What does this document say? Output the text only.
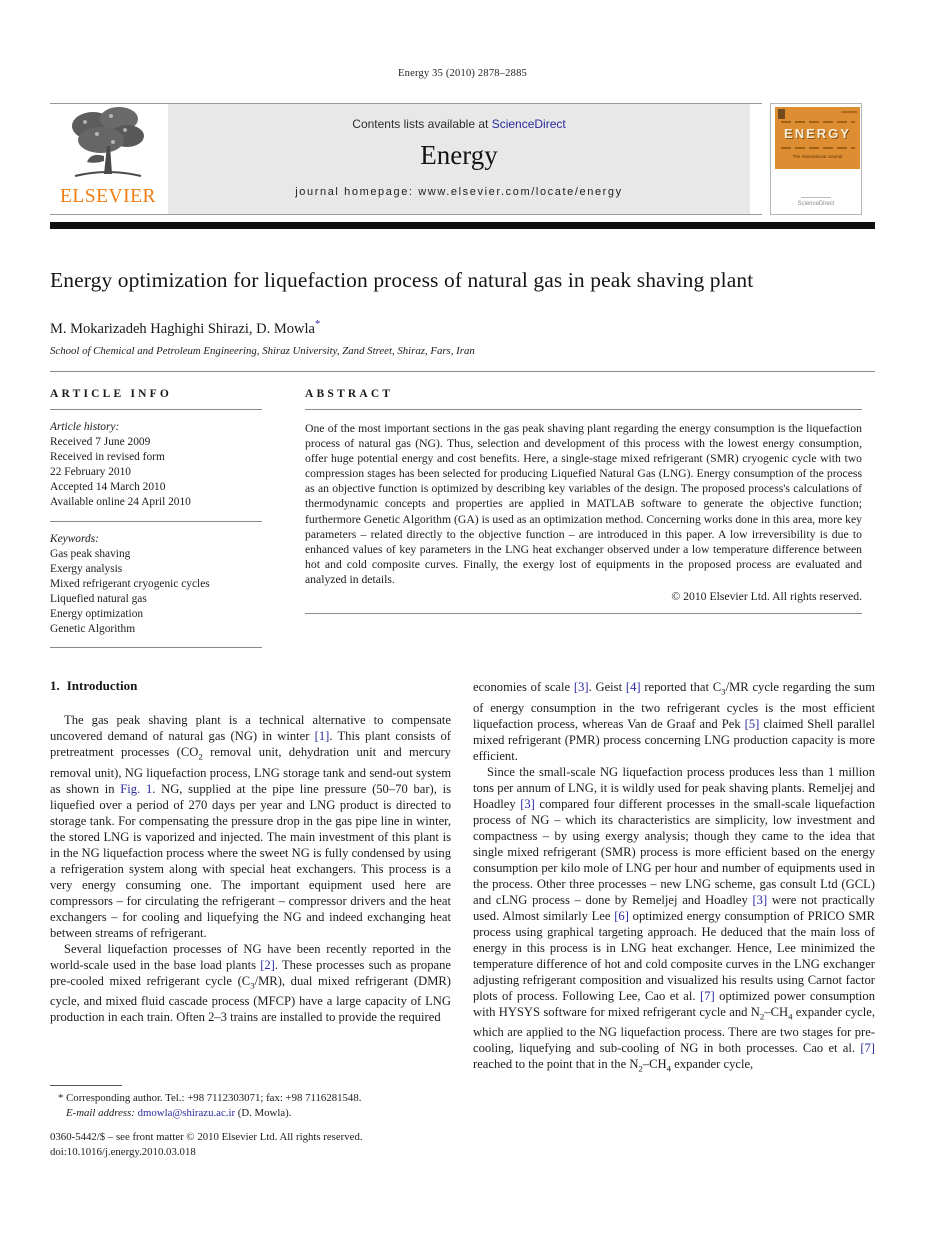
Energy 35 (2010) 2878–2885
ELSEVIER
Contents lists available at ScienceDirect
Energy
journal homepage: www.elsevier.com/locate/energy
ENERGY
The International Journal
ScienceDirect
Energy optimization for liquefaction process of natural gas in peak shaving plant
M. Mokarizadeh Haghighi Shirazi, D. Mowla*
School of Chemical and Petroleum Engineering, Shiraz University, Zand Street, Shiraz, Fars, Iran
ARTICLE INFO
Article history:
Received 7 June 2009
Received in revised form
22 February 2010
Accepted 14 March 2010
Available online 24 April 2010
Keywords:
Gas peak shaving
Exergy analysis
Mixed refrigerant cryogenic cycles
Liquefied natural gas
Energy optimization
Genetic Algorithm
ABSTRACT

One of the most important sections in the gas peak shaving plant regarding the energy consumption is the liquefaction process of natural gas (NG). Thus, selection and development of this process with the lowest energy consumption, offer huge potential energy and cost benefits. Here, a single-stage mixed refrigerant (SMR) cryogenic cycle with two compression stages has been selected for producing Liquefied Natural Gas (LNG). Energy consumption of the process as an objective function is optimized by describing key variables of the design. The proposed process's calculations of thermodynamic concepts and properties are applied in MATLAB software to generate the objective function; furthermore Genetic Algorithm (GA) is used as an optimization method. Concerning works done in this area, more key parameters – related directly to the objective function – are introduced in this paper. A low irreversibility is due to enhanced values of key parameters in the LNG heat exchanger observed under a low temperature difference between hot and cold composite curves. Finally, the exergy lost of equipments in the proposed process are evaluated and analyzed in details.

© 2010 Elsevier Ltd. All rights reserved.
1. Introduction

The gas peak shaving plant is a technical alternative to compensate uncovered demand of natural gas (NG) in winter [1]. This plant consists of pretreatment processes ($CO_2$ removal unit, dehydration unit and mercury removal unit), NG liquefaction process, LNG storage tank and send-out system as shown in Fig. 1. NG, supplied at the pipe line pressure (50–70 bar), is liquefied over a period of 270 days per year and LNG product is directed to storage tank. For compensating the pressure drop in the gas pipe line in winter, the stored LNG is vaporized and injected. The main investment of this plant is in the NG liquefaction process where the sweet NG is fully condensed by using a refrigeration system along with special heat exchangers. This process is a very energy consuming one. The important equipment used here are compressors – for circulating the refrigerant – compressor drivers and the heat exchangers – for cooling and liquefying the NG and indeed exchanging heat between streams of refrigerant.

Several liquefaction processes of NG have been recently reported in the world-scale used in the base load plants [2]. These processes such as propane pre-cooled mixed refrigerant cycle $(C_3/MR)$, dual mixed refrigerant (DMR) cycle, and mixed fluid cascade process (MFCP) have a large capacity of LNG production in each train. Often 2–3 trains are installed to provide the required

economies of scale [3]. Geist [4] reported that $C_3/MR$ cycle regarding the sum of energy consumption in the two refrigerant cycles is the most efficient liquefaction process, whereas Van de Graaf and Pek [5] claimed Shell parallel mixed refrigerant (PMR) process concerning LNG production capacity is more efficient.

Since the small-scale NG liquefaction process produces less than 1 million tons per annum of LNG, it is wildly used for peak shaving plants. Remeljej and Hoadley [3] compared four different processes in the small-scale liquefaction process of NG – which its characteristics are simplicity, low investment and compactness – by using exergy analysis; though they came to the idea that single mixed refrigerant (SMR) process is more efficient based on the energy consumption per kilo mole of LNG per hour and number of equipments used in the process. Other three processes – new LNG scheme, gas consult Ltd (GCL) and cLNG process – done by Remeljej and Hoadley [3] were not practically used. Almost similarly Lee [6] optimized energy consumption of PRICO SMR process using graphical targeting approach. He deduced that the main loss of energy in this process is in LNG heat exchanger. Hence, Lee minimized the temperature difference of hot and cold composite curves in the LNG exchanger adjusting refrigerant composition and visualized his results using Carnot factor plots of process. Following Lee, Cao et al. [7] optimized power consumption with HYSYS software for mixed refrigerant cycle and $N_2-CH_4$ expander cycle, which are applied to the NG liquefaction process. There are two stages for pre-cooling, liquefying and sub-cooling of NG in both processes. Cao et al. [7] reached to the point that in the $N_2-CH_4$ expander cycle,

* Corresponding author. Tel.: +98 7112303071; fax: +98 7116281548.
E-mail address: dmowla@shirazu.ac.ir (D. Mowla).
0360-5442/$ – see front matter © 2010 Elsevier Ltd. All rights reserved.
doi:10.1016/j.energy.2010.03.018
